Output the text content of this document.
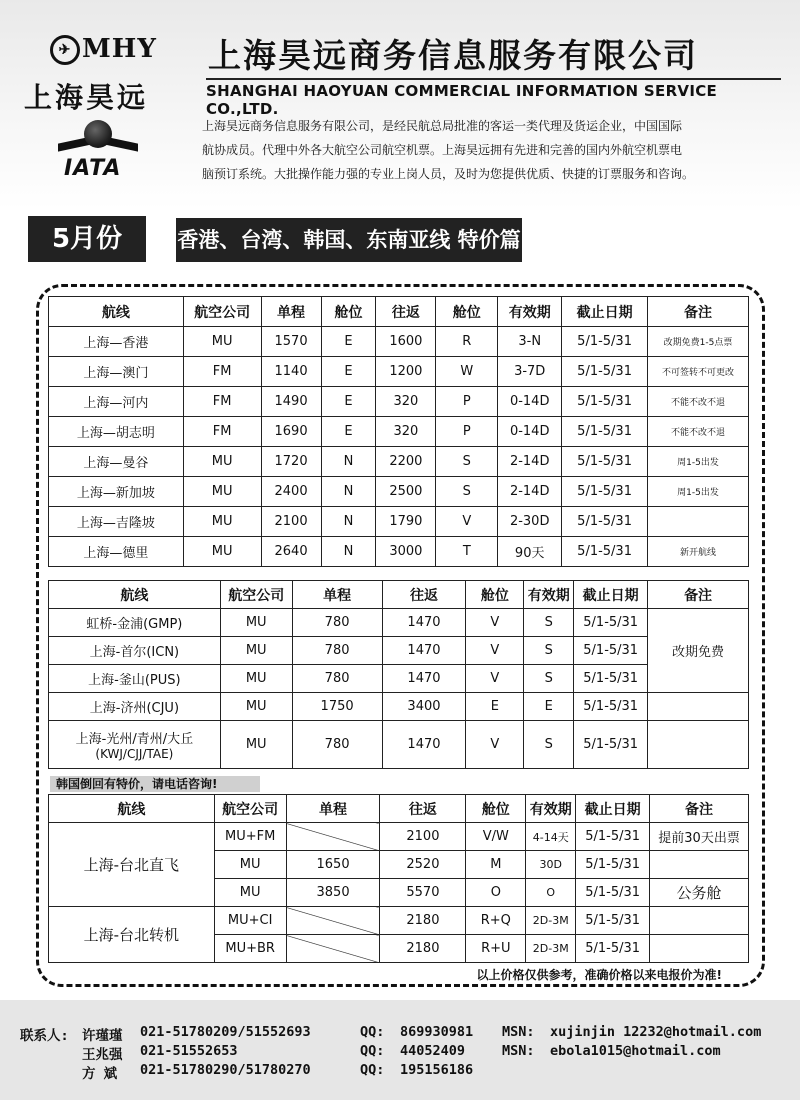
✈ MHY
上海昊远
IATA
上海昊远商务信息服务有限公司
SHANGHAI HAOYUAN COMMERCIAL INFORMATION SERVICE CO.,LTD.
上海昊远商务信息服务有限公司，是经民航总局批准的客运一类代理及货运企业，中国国际
航协成员。代理中外各大航空公司航空机票。上海昊远拥有先进和完善的国内外航空机票电
脑预订系统。大批操作能力强的专业上岗人员，及时为您提供优质、快捷的订票服务和咨询。
5月份	香港、台湾、韩国、东南亚线 特价篇
航线	航空公司	单程	舱位	往返	舱位	有效期	截止日期	备注
上海—香港	MU	1570	E	1600	R	3-N	5/1-5/31	改期免费1-5点票
上海—澳门	FM	1140	E	1200	W	3-7D	5/1-5/31	不可签转不可更改
上海—河内	FM	1490	E	320	P	0-14D	5/1-5/31	不能不改不退
上海—胡志明	FM	1690	E	320	P	0-14D	5/1-5/31	不能不改不退
上海—曼谷	MU	1720	N	2200	S	2-14D	5/1-5/31	周1-5出发
上海—新加坡	MU	2400	N	2500	S	2-14D	5/1-5/31	周1-5出发
上海—吉隆坡	MU	2100	N	1790	V	2-30D	5/1-5/31	
上海—德里	MU	2640	N	3000	T	90天	5/1-5/31	新开航线
航线	航空公司	单程	往返	舱位	有效期	截止日期	备注
虹桥-金浦(GMP)	MU	780	1470	V	S	5/1-5/31	改期免费
上海-首尔(ICN)	MU	780	1470	V	S	5/1-5/31	
上海-釜山(PUS)	MU	780	1470	V	S	5/1-5/31	
上海-济州(CJU)	MU	1750	3400	E	E	5/1-5/31	

上海-光州/青州/大丘
(KWJ/CJJ/TAE)	MU	780	1470	V	S	5/1-5/31	
韩国倒回有特价，请电话咨询!
航线	航空公司	单程	往返	舱位	有效期	截止日期	备注
上海-台北直飞	MU+FM		2100	V/W	4-14天	5/1-5/31	提前30天出票
	MU	1650	2520	M	30D	5/1-5/31	
	MU	3850	5570	O	O	5/1-5/31	公务舱
上海-台北转机	MU+CI		2180	R+Q	2D-3M	5/1-5/31	
	MU+BR		2180	R+U	2D-3M	5/1-5/31	
以上价格仅供参考，准确价格以来电报价为准!
联系人: 许瑾瑾 021-51780209/51552693	QQ: 869930981 MSN: xujinjin 12232@hotmail.com
王兆强 021-51552653	QQ: 44052409	MSN: ebola1015@hotmail.com
方 斌 021-51780290/51780270	QQ: 195156186
